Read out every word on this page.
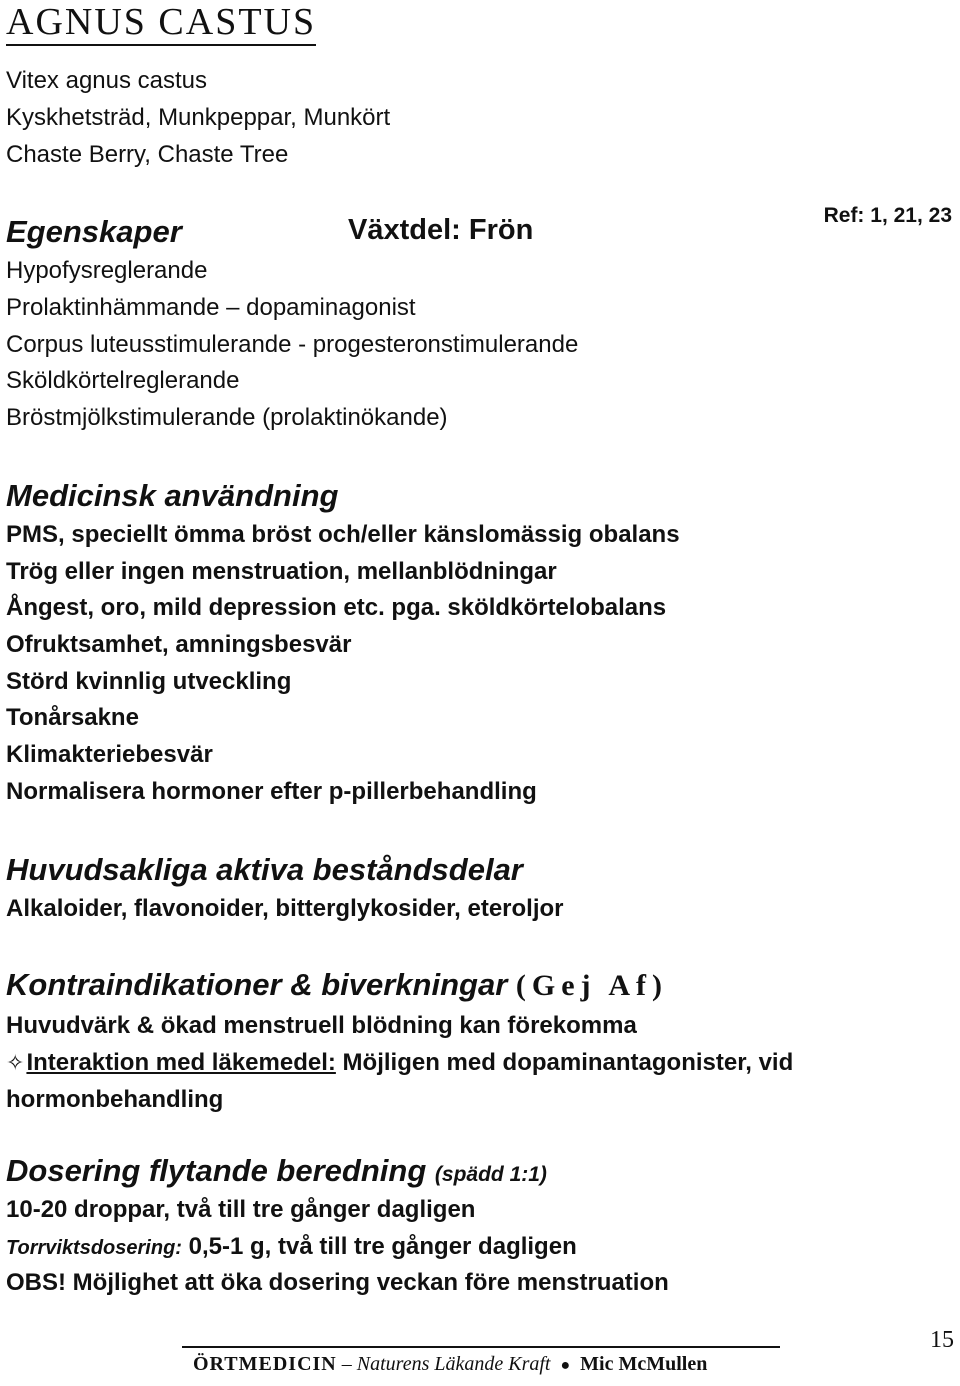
AGNUS CASTUS
Vitex agnus castus
Kyskhetsträd, Munkpeppar, Munkört
Chaste Berry, Chaste Tree
Egenskaper	Växtdel: Frön	Ref: 1, 21, 23
Hypofysreglerande
Prolaktinhämmande – dopaminagonist
Corpus luteusstimulerande - progesteronstimulerande
Sköldkörtelreglerande
Bröstmjölkstimulerande (prolaktinökande)
Medicinsk användning
PMS, speciellt ömma bröst och/eller känslomässig obalans
Trög eller ingen menstruation, mellanblödningar
Ångest, oro, mild depression etc. pga. sköldkörtelobalans
Ofruktsamhet, amningsbesvär
Störd kvinnlig utveckling
Tonårsakne
Klimakteriebesvär
Normalisera hormoner efter p-pillerbehandling
Huvudsakliga aktiva beståndsdelar
Alkaloider, flavonoider, bitterglykosider, eteroljor
Kontraindikationer & biverkningar (Gej Af)
Huvudvärk & ökad menstruell blödning kan förekomma
✧Interaktion med läkemedel: Möjligen med dopaminantagonister, vid
hormonbehandling
Dosering flytande beredning (spädd 1:1)
10-20 droppar, två till tre gånger dagligen
Torrviktsdosering: 0,5-1 g, två till tre gånger dagligen
OBS! Möjlighet att öka dosering veckan före menstruation
ÖRTMEDICIN – Naturens Läkande Kraft ● Mic McMullen
15
